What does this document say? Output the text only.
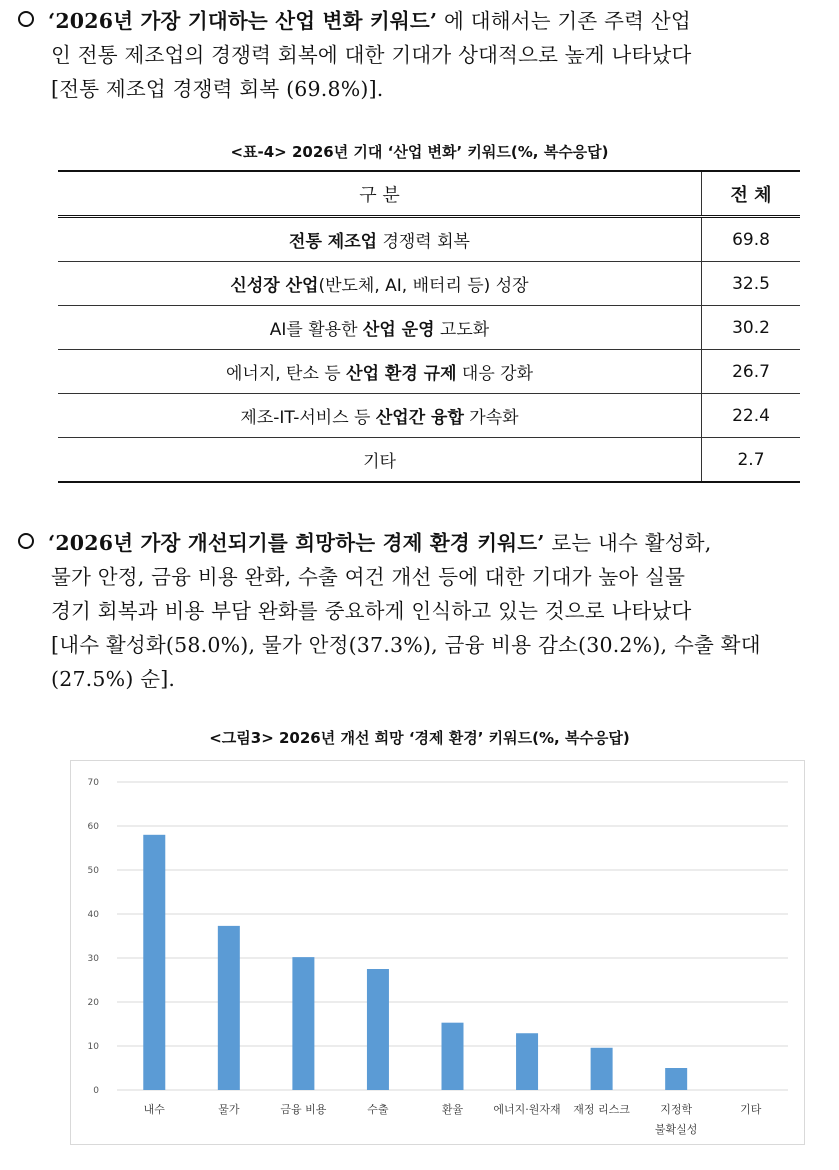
‘2026년 가장 기대하는 산업 변화 키워드’ 에 대해서는 기존 주력 산업
인 전통 제조업의 경쟁력 회복에 대한 기대가 상대적으로 높게 나타났다
[전통 제조업 경쟁력 회복 (69.8%)].
<표-4> 2026년 기대 ‘산업 변화’ 키워드(%, 복수응답)
구 분	전 체
전통 제조업 경쟁력 회복	69.8
신성장 산업(반도체, AI, 배터리 등) 성장	32.5
AI를 활용한 산업 운영 고도화	30.2
에너지, 탄소 등 산업 환경 규제 대응 강화	26.7
제조-IT-서비스 등 산업간 융합 가속화	22.4
기타	2.7
‘2026년 가장 개선되기를 희망하는 경제 환경 키워드’ 로는 내수 활성화,
물가 안정, 금융 비용 완화, 수출 여건 개선 등에 대한 기대가 높아 실물
경기 회복과 비용 부담 완화를 중요하게 인식하고 있는 것으로 나타났다
[내수 활성화(58.0%), 물가 안정(37.3%), 금융 비용 감소(30.2%), 수출 확대
(27.5%) 순].
<그림3> 2026년 개선 희망 ‘경제 환경’ 키워드(%, 복수응답)
0
10
20
30
40
50
60
70
내수	물가	금융 비용	수출	환율	에너지·원자재 재정 리스크	지정학
불확실성
기타
